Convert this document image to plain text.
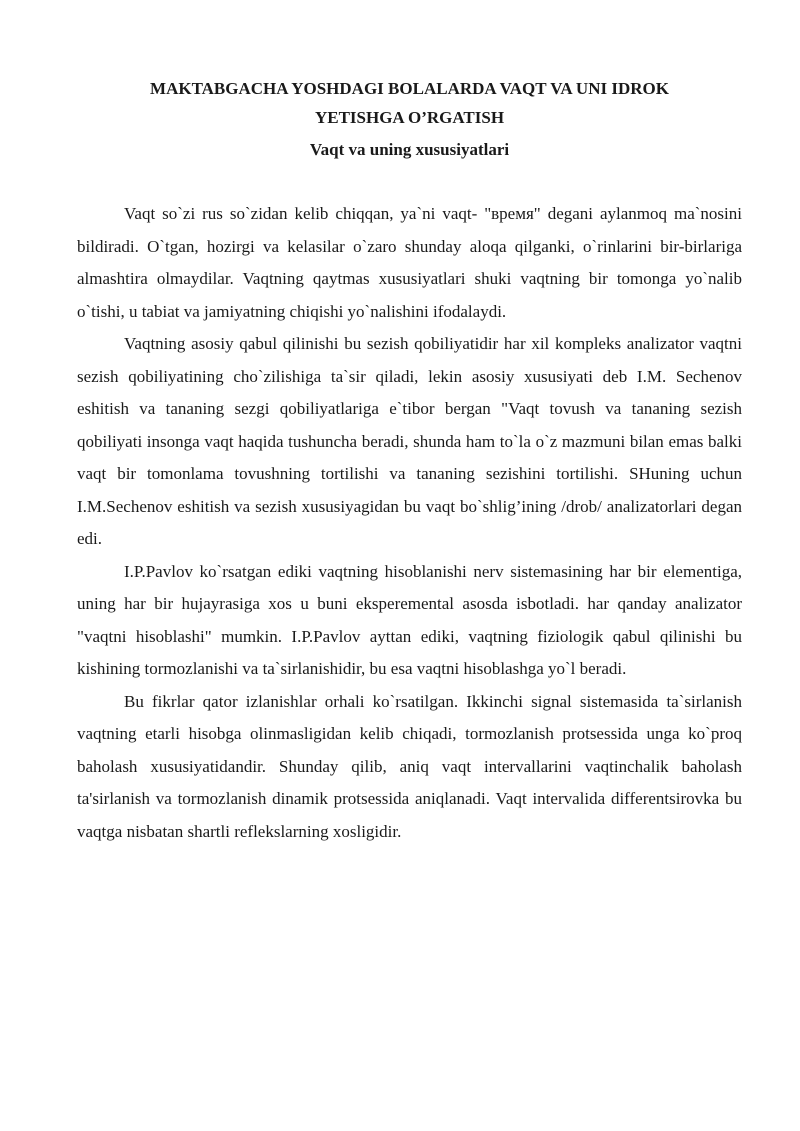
MAKTABGACHA YOSHDAGI BOLALARDA VAQT VA UNI IDROK
YETISHGA O’RGATISH
Vaqt va uning xususiyatlari

Vaqt so`zi rus so`zidan kelib chiqqan, ya`ni vaqt- "время" degani aylanmoq ma`nosini bildiradi. O`tgan, hozirgi va kelasilar o`zaro shunday aloqa qilganki, o`rinlarini bir-birlariga almashtira olmaydilar. Vaqtning qaytmas xususiyatlari shuki vaqtning bir tomonga yo`nalib o`tishi, u tabiat va jamiyatning chiqishi yo`nalishini ifodalaydi.

Vaqtning asosiy qabul qilinishi bu sezish qobiliyatidir har xil kompleks analizator vaqtni sezish qobiliyatining cho`zilishiga ta`sir qiladi, lekin asosiy xususiyati deb I.M. Sechenov eshitish va tananing sezgi qobiliyatlariga e`tibor bergan "Vaqt tovush va tananing sezish qobiliyati insonga vaqt haqida tushuncha beradi, shunda ham to`la o`z mazmuni bilan emas balki vaqt bir tomonlama tovushning tortilishi va tananing sezishini tortilishi. SHuning uchun I.M.Sechenov eshitish va sezish xususiyagidan bu vaqt bo`shlig’ining /drob/ analizatorlari degan edi.

I.P.Pavlov ko`rsatgan ediki vaqtning hisoblanishi nerv sistemasining har bir elementiga, uning har bir hujayrasiga xos u buni eksperemental asosda isbotladi. har qanday analizator "vaqtni hisoblashi" mumkin. I.P.Pavlov ayttan ediki, vaqtning fiziologik qabul qilinishi bu kishining tormozlanishi va ta`sirlanishidir, bu esa vaqtni hisoblashga yo`l beradi.

Bu fikrlar qator izlanishlar orhali ko`rsatilgan. Ikkinchi signal sistemasida ta`sirlanish vaqtning etarli hisobga olinmasligidan kelib chiqadi, tormozlanish protsessida unga ko`proq baholash xususiyatidandir. Shunday qilib, aniq vaqt intervallarini vaqtinchalik baholash ta'sirlanish va tormozlanish dinamik protsessida aniqlanadi. Vaqt intervalida differentsirovka bu vaqtga nisbatan shartli reflekslarning xosligidir.
